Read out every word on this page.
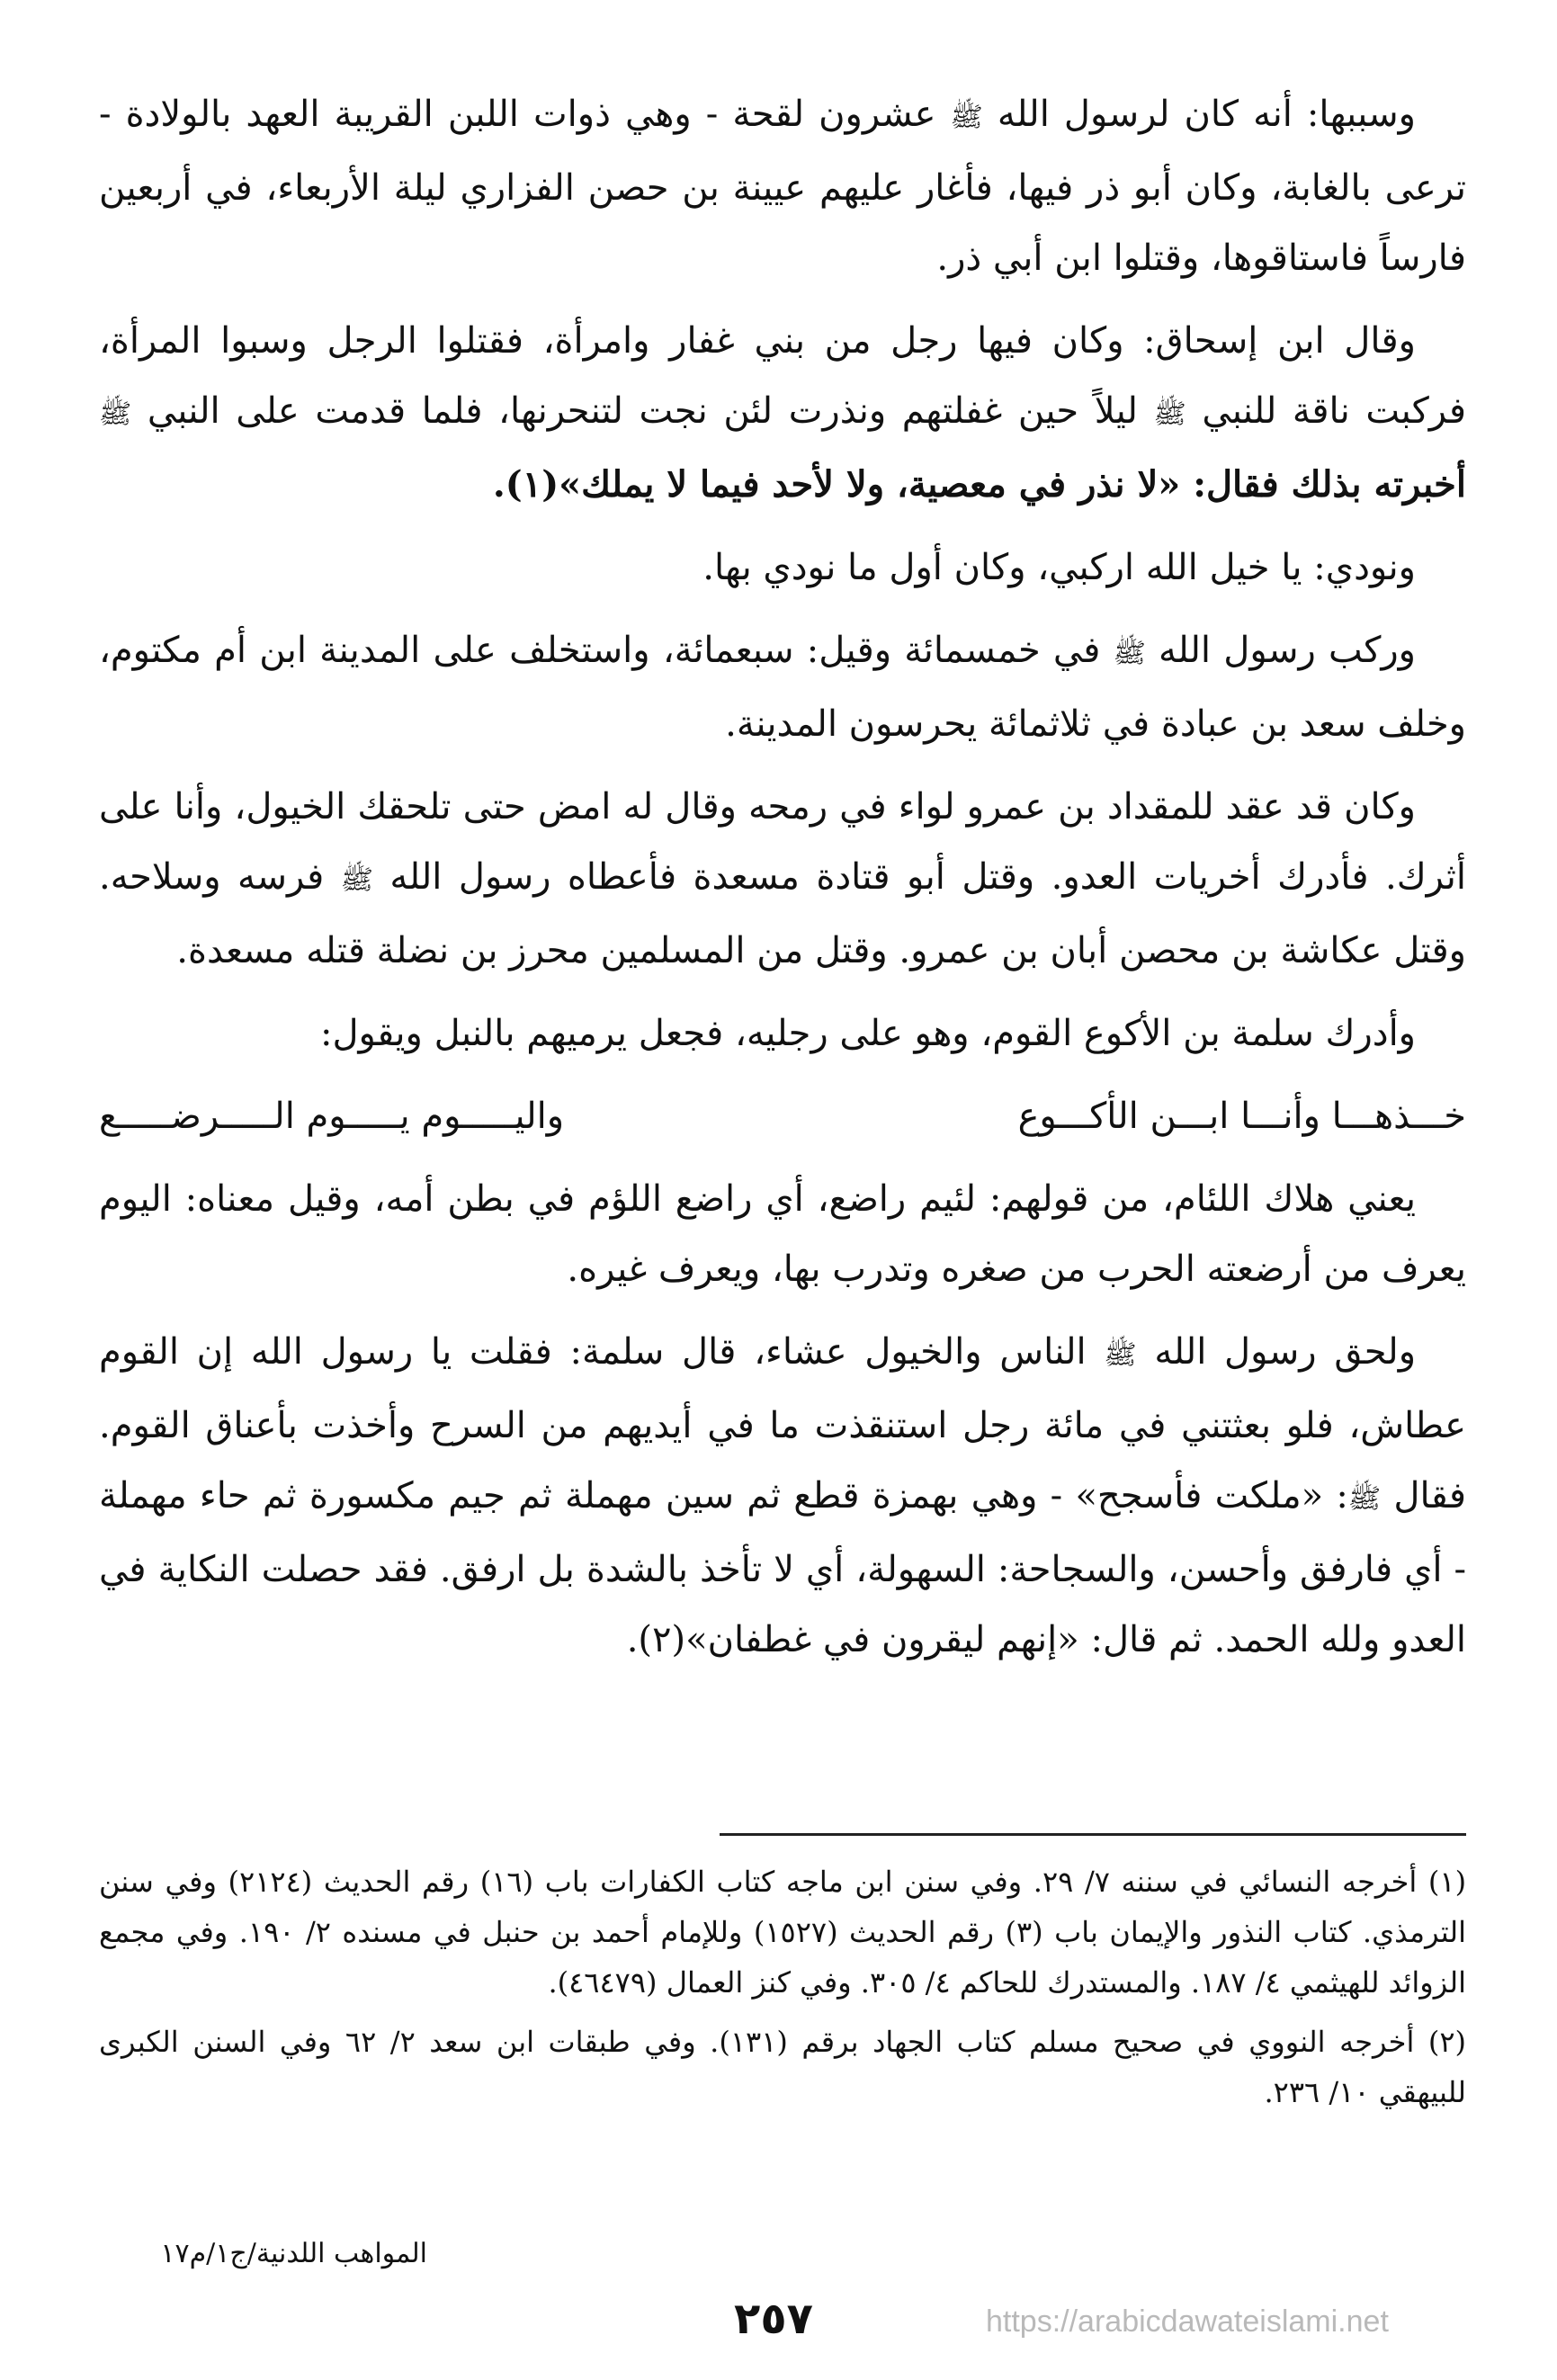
وسببها: أنه كان لرسول الله ﷺ عشرون لقحة - وهي ذوات اللبن القريبة العهد بالولادة - ترعى بالغابة، وكان أبو ذر فيها، فأغار عليهم عيينة بن حصن الفزاري ليلة الأربعاء، في أربعين فارساً فاستاقوها، وقتلوا ابن أبي ذر.

وقال ابن إسحاق: وكان فيها رجل من بني غفار وامرأة، فقتلوا الرجل وسبوا المرأة، فركبت ناقة للنبي ﷺ ليلاً حين غفلتهم ونذرت لئن نجت لتنحرنها، فلما قدمت على النبي ﷺ أخبرته بذلك فقال: «لا نذر في معصية، ولا لأحد فيما لا يملك»(١).

ونودي: يا خيل الله اركبي، وكان أول ما نودي بها.

وركب رسول الله ﷺ في خمسمائة وقيل: سبعمائة، واستخلف على المدينة ابن أم مكتوم، وخلف سعد بن عبادة في ثلاثمائة يحرسون المدينة.

وكان قد عقد للمقداد بن عمرو لواء في رمحه وقال له امض حتى تلحقك الخيول، وأنا على أثرك. فأدرك أخريات العدو. وقتل أبو قتادة مسعدة فأعطاه رسول الله ﷺ فرسه وسلاحه. وقتل عكاشة بن محصن أبان بن عمرو. وقتل من المسلمين محرز بن نضلة قتله مسعدة.

وأدرك سلمة بن الأكوع القوم، وهو على رجليه، فجعل يرميهم بالنبل ويقول:

خـــذهـــا وأنـــا ابـــن الأكـــوع
واليـــــوم يـــــوم الـــــرضـــــع

يعني هلاك اللئام، من قولهم: لئيم راضع، أي راضع اللؤم في بطن أمه، وقيل معناه: اليوم يعرف من أرضعته الحرب من صغره وتدرب بها، ويعرف غيره.

ولحق رسول الله ﷺ الناس والخيول عشاء، قال سلمة: فقلت يا رسول الله إن القوم عطاش، فلو بعثتني في مائة رجل استنقذت ما في أيديهم من السرح وأخذت بأعناق القوم. فقال ﷺ: «ملكت فأسجح» - وهي بهمزة قطع ثم سين مهملة ثم جيم مكسورة ثم حاء مهملة - أي فارفق وأحسن، والسجاحة: السهولة، أي لا تأخذ بالشدة بل ارفق. فقد حصلت النكاية في العدو ولله الحمد. ثم قال: «إنهم ليقرون في غطفان»(٢).

(١) أخرجه النسائي في سننه ٧/ ٢٩. وفي سنن ابن ماجه كتاب الكفارات باب (١٦) رقم الحديث (٢١٢٤) وفي سنن الترمذي. كتاب النذور والإيمان باب (٣) رقم الحديث (١٥٢٧) وللإمام أحمد بن حنبل في مسنده ٢/ ١٩٠. وفي مجمع الزوائد للهيثمي ٤/ ١٨٧. والمستدرك للحاكم ٤/ ٣٠٥. وفي كنز العمال (٤٦٤٧٩).

(٢) أخرجه النووي في صحيح مسلم كتاب الجهاد برقم (١٣١). وفي طبقات ابن سعد ٢/ ٦٢ وفي السنن الكبرى للبيهقي ١٠/ ٢٣٦.

المواهب اللدنية/ج١/م١٧
٢٥٧	https://arabicdawateislami.net
